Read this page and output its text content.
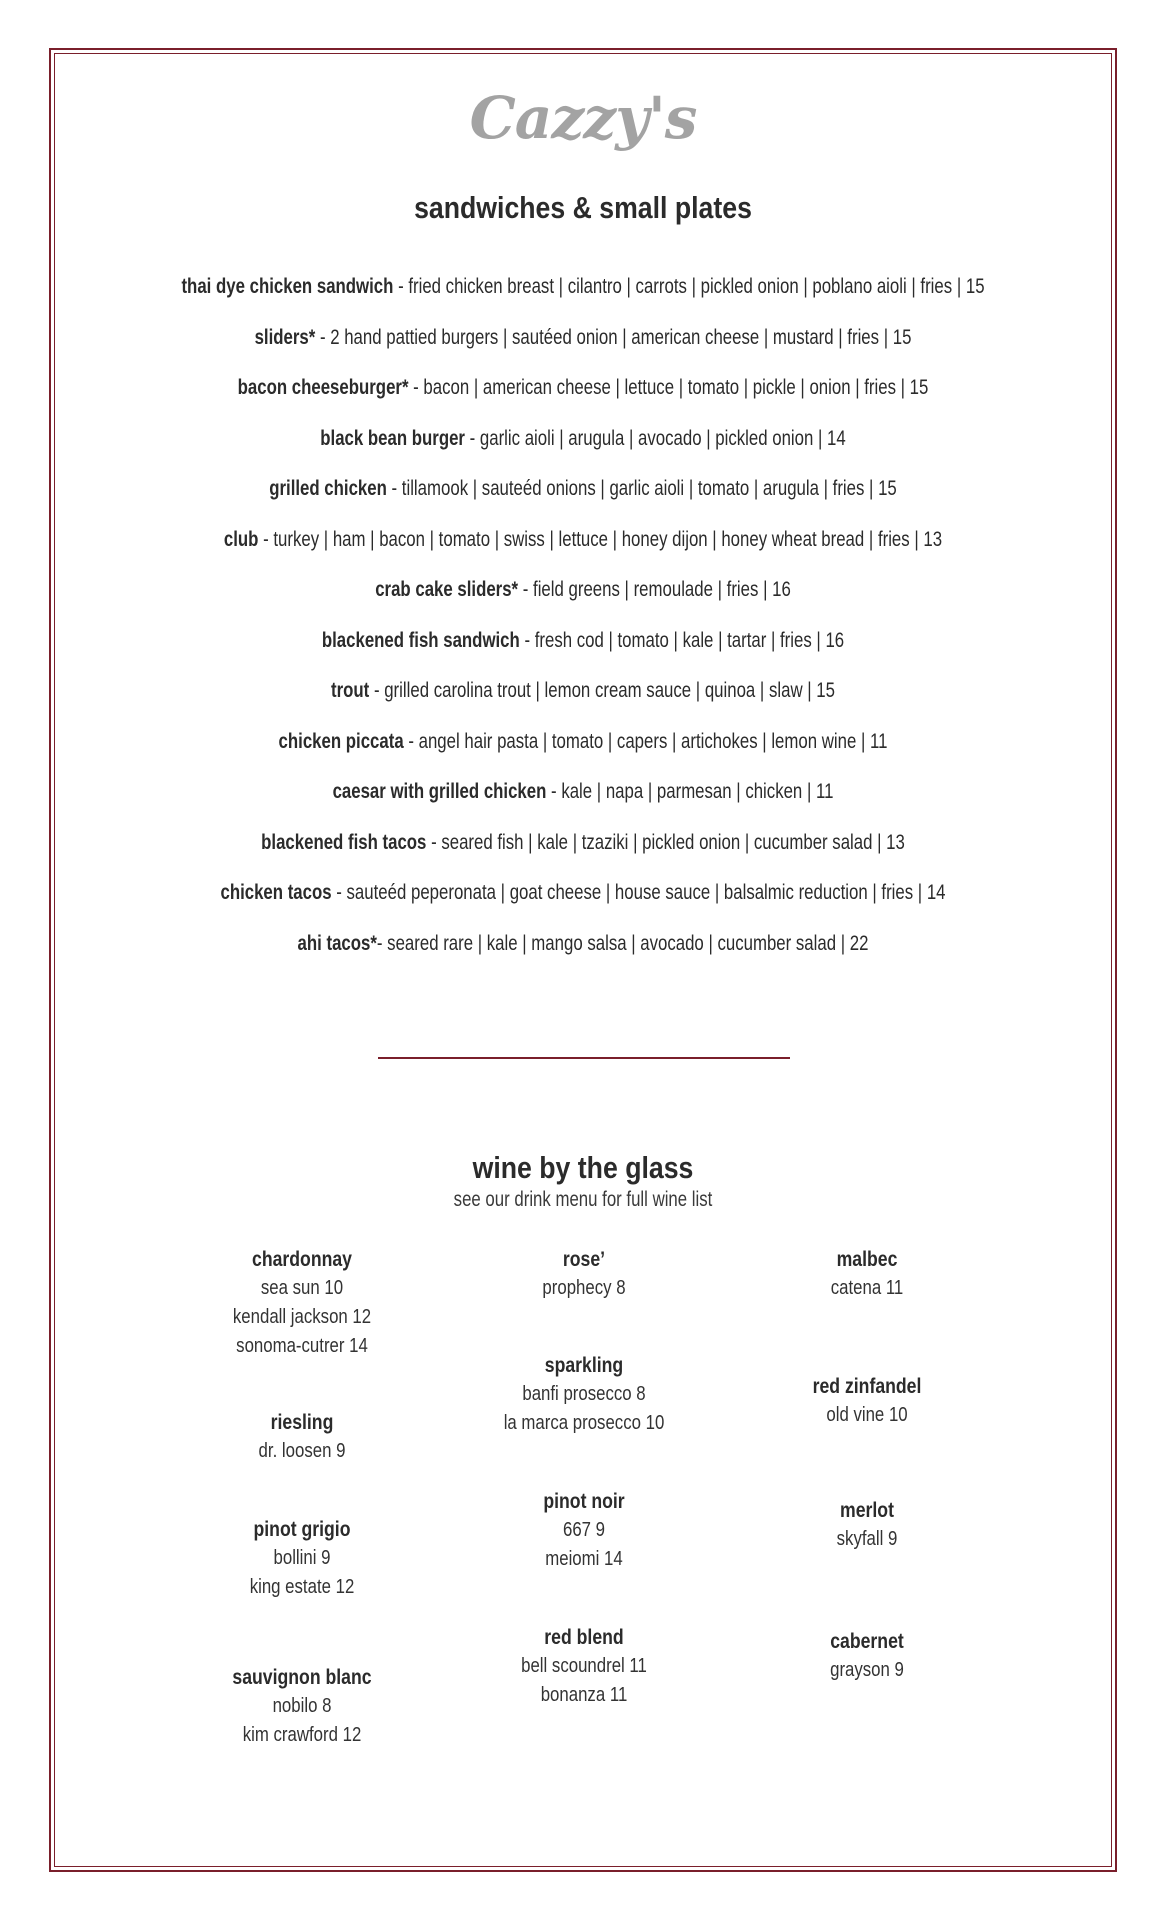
Cazzy's
sandwiches & small plates
thai dye chicken sandwich - fried chicken breast | cilantro | carrots | pickled onion | poblano aioli | fries | 15
sliders* - 2 hand pattied burgers | sautéed onion | american cheese | mustard | fries | 15
bacon cheeseburger* - bacon | american cheese | lettuce | tomato | pickle | onion | fries | 15
black bean burger - garlic aioli | arugula | avocado | pickled onion | 14
grilled chicken - tillamook | sauteéd onions | garlic aioli | tomato | arugula | fries | 15
club - turkey | ham | bacon | tomato | swiss | lettuce | honey dijon | honey wheat bread | fries | 13
crab cake sliders* - field greens | remoulade | fries | 16
blackened fish sandwich - fresh cod | tomato | kale | tartar | fries | 16
trout - grilled carolina trout | lemon cream sauce | quinoa | slaw | 15
chicken piccata - angel hair pasta | tomato | capers | artichokes | lemon wine | 11
caesar with grilled chicken - kale | napa | parmesan | chicken | 11
blackened fish tacos - seared fish | kale | tzaziki | pickled onion | cucumber salad | 13
chicken tacos - sauteéd peperonata | goat cheese | house sauce | balsalmic reduction | fries | 14
ahi tacos*- seared rare | kale | mango salsa | avocado | cucumber salad | 22
wine by the glass
see our drink menu for full wine list
chardonnay
sea sun 10
kendall jackson 12
sonoma-cutrer 14
riesling
dr. loosen 9
pinot grigio
bollini 9
king estate 12
sauvignon blanc
nobilo 8
kim crawford 12
rose’
prophecy 8
sparkling
banfi prosecco 8
la marca prosecco 10
pinot noir
667 9
meiomi 14
red blend
bell scoundrel 11
bonanza 11
malbec
catena 11
red zinfandel
old vine 10
merlot
skyfall 9
cabernet
grayson 9
